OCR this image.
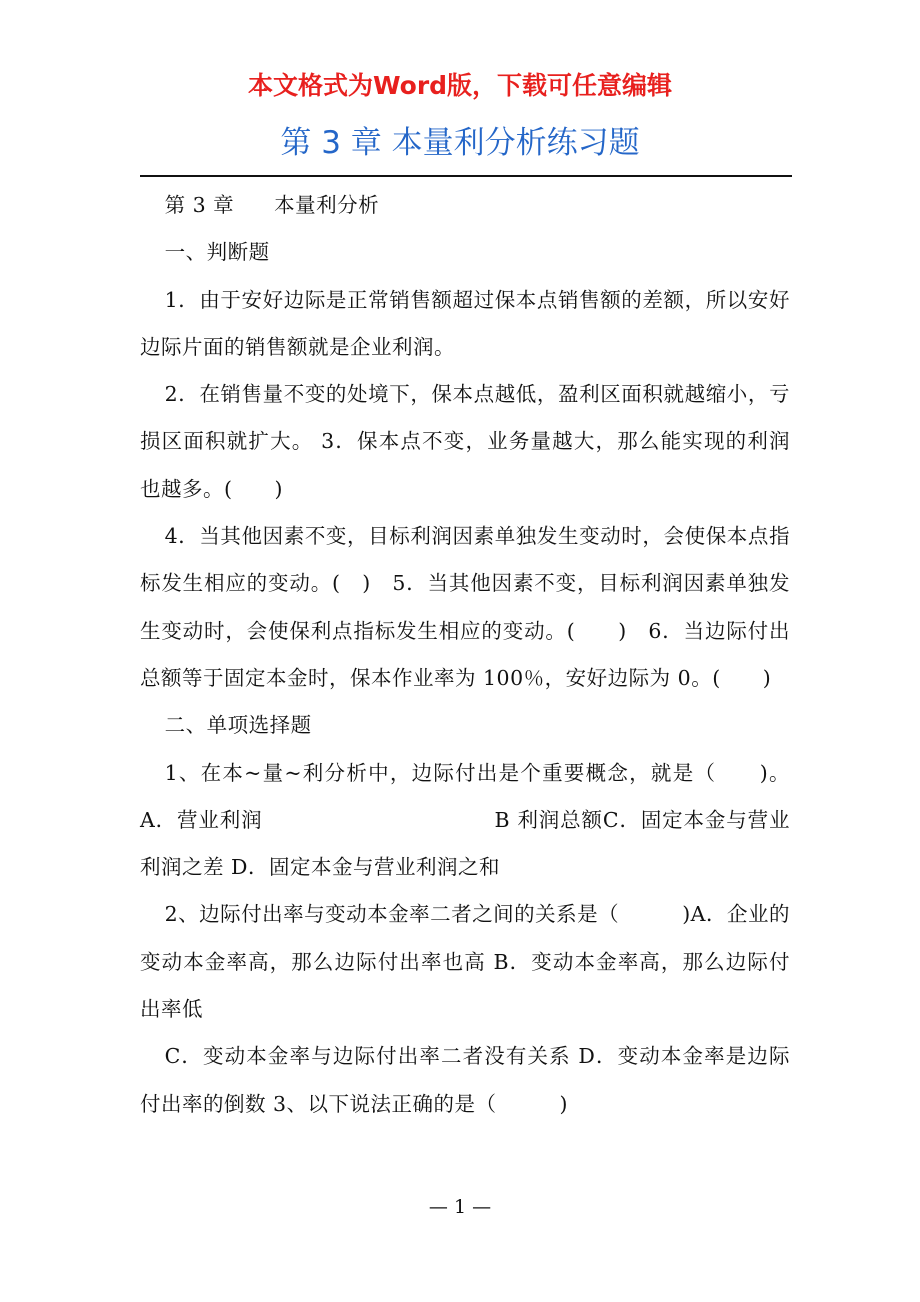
本文格式为Word版，下载可任意编辑
第 3 章 本量利分析练习题

第 3 章 本量利分析

一、判断题

1．由于安好边际是正常销售额超过保本点销售额的差额，所以安好边际片面的销售额就是企业利润。

2．在销售量不变的处境下，保本点越低，盈利区面积就越缩小，亏损区面积就扩大。 3．保本点不变，业务量越大，那么能实现的利润也越多。(　　)

4．当其他因素不变，目标利润因素单独发生变动时，会使保本点指标发生相应的变动。(　)　5．当其他因素不变，目标利润因素单独发生变动时，会使保利点指标发生相应的变动。(　　)　6．当边际付出总额等于固定本金时，保本作业率为 100％，安好边际为 0。(　　)

二、单项选择题

1、在本~量~利分析中，边际付出是个重要概念，就是（　　)。 A．营业利润	B 利润总额C．固定本金与营业利润之差 D．固定本金与营业利润之和

2、边际付出率与变动本金率二者之间的关系是（　　　)A．企业的变动本金率高，那么边际付出率也高 B．变动本金率高，那么边际付出率低

C．变动本金率与边际付出率二者没有关系 D．变动本金率是边际付出率的倒数 3、以下说法正确的是（　　　)

— 1 —
